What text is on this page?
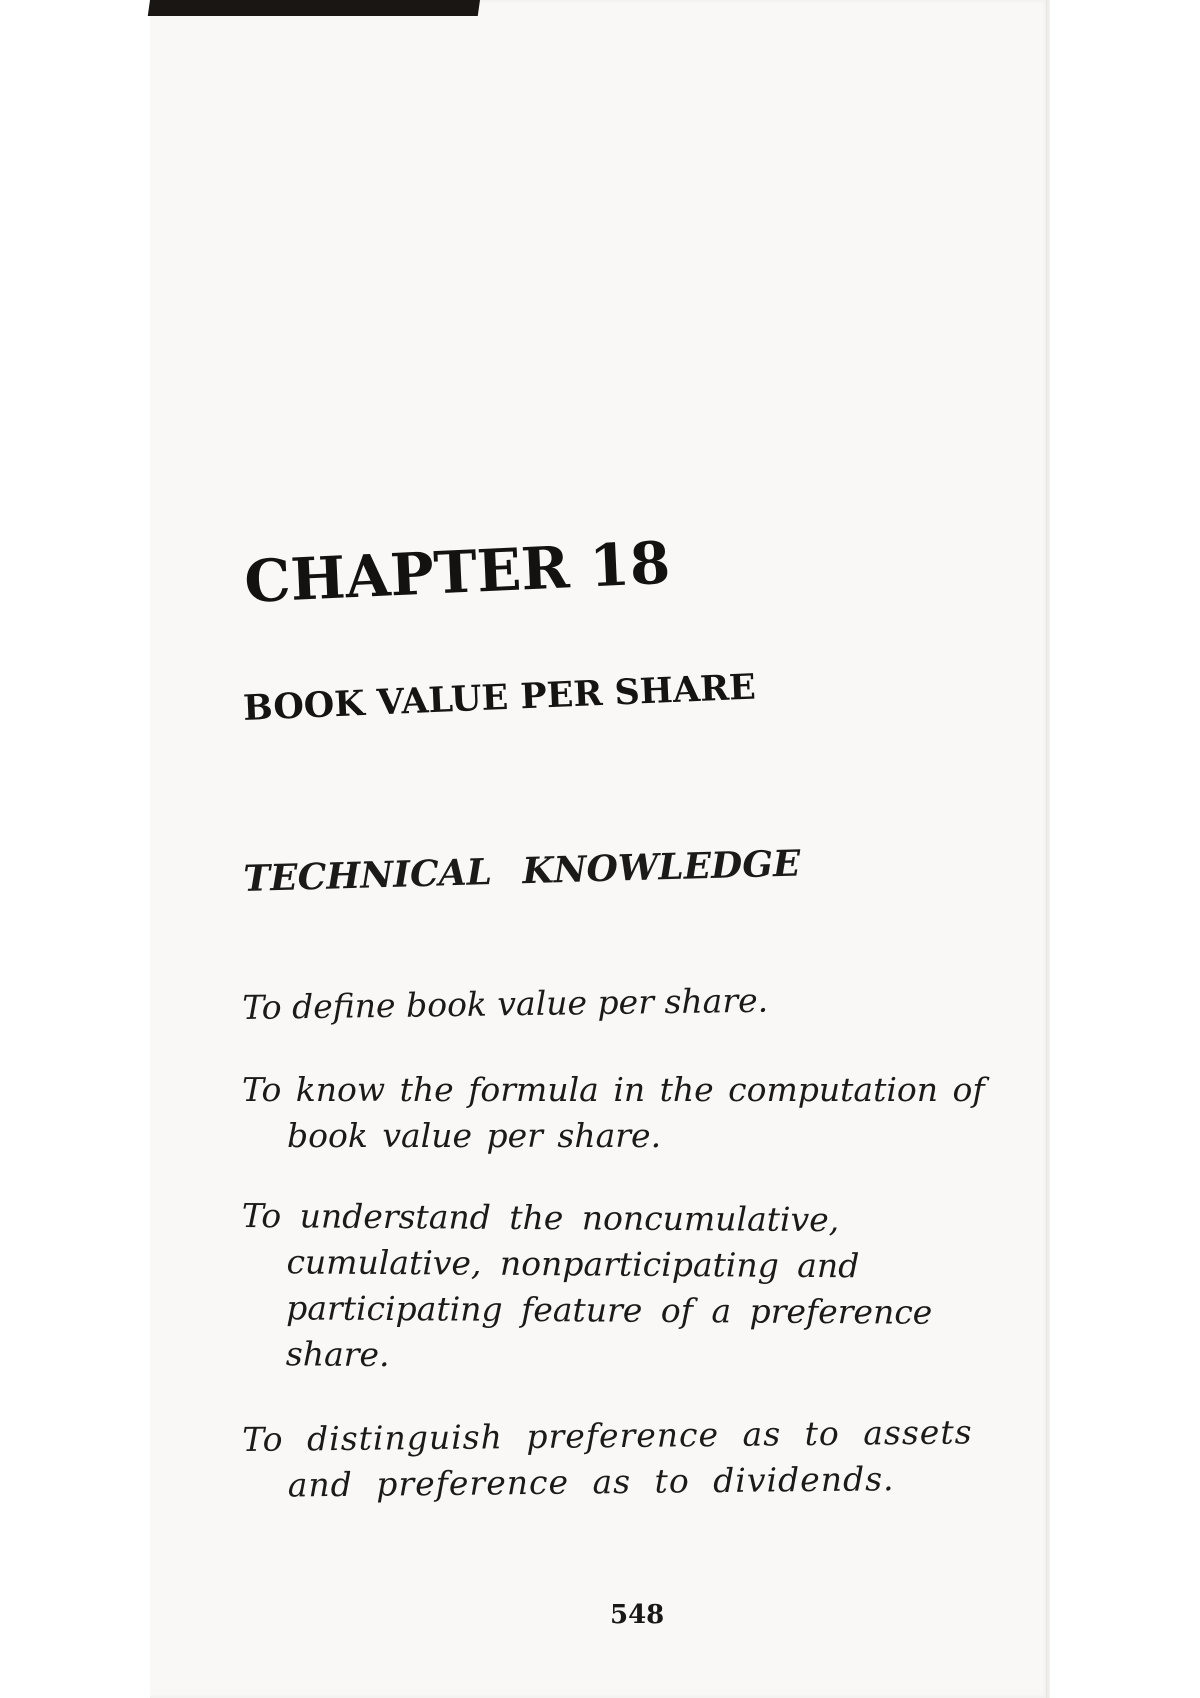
CHAPTER 18
BOOK VALUE PER SHARE
TECHNICAL KNOWLEDGE
To define book value per share.
To know the formula in the computation of book value per share.
To understand the noncumulative, cumulative, nonparticipating and participating feature of a preference share.
To distinguish preference as to assets and preference as to dividends.

548
